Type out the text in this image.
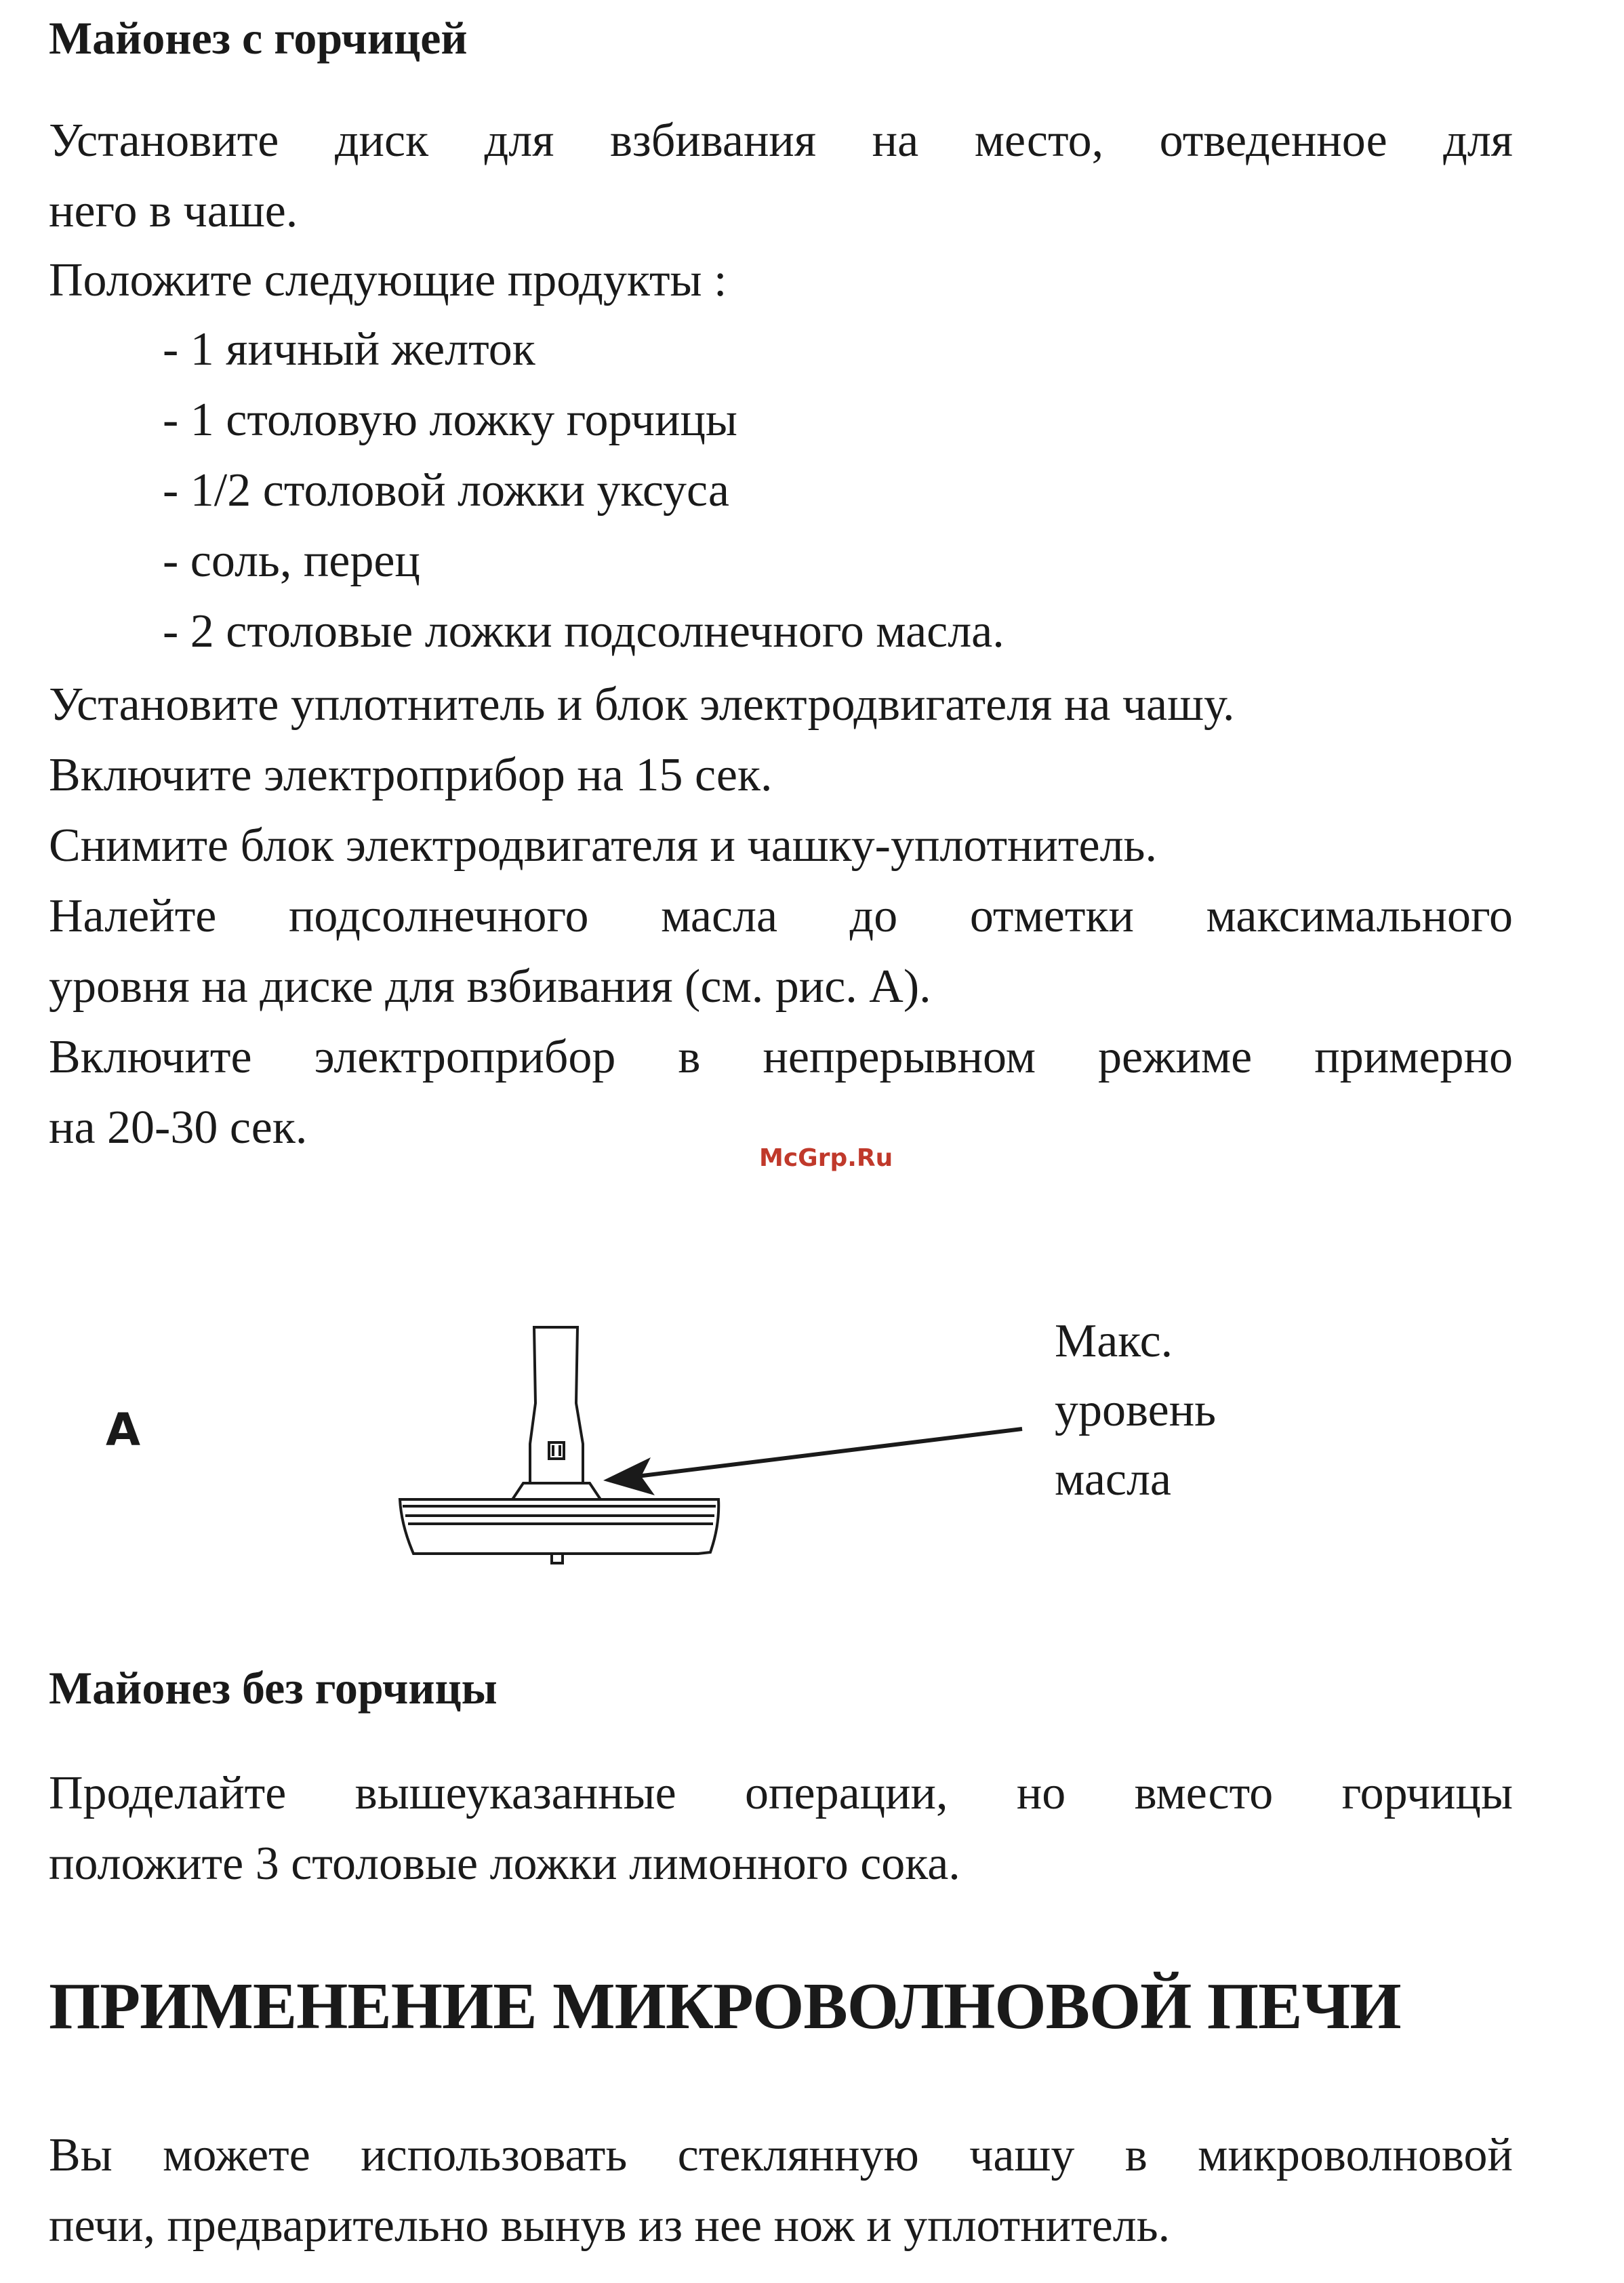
Майонез с горчицей

Установите диск для взбивания на место, отведенное для

него в чаше.

Положите следующие продукты :

- 1 яичный желток
- 1 столовую ложку горчицы
- 1/2 столовой ложки уксуса
- соль, перец
- 2 столовые ложки подсолнечного масла.

Установите уплотнитель и блок электродвигателя на чашу.

Включите электроприбор на 15 сек.

Снимите блок электродвигателя и чашку-уплотнитель.

Налейте подсолнечного масла до отметки максимального

уровня на диске для взбивания (см. рис. А).

Включите электроприбор в непрерывном режиме примерно

на 20-30 сек.

McGrp.Ru
A
Макс.
уровень
масла
Майонез без горчицы

Проделайте вышеуказанные операции, но вместо горчицы

положите 3 столовые ложки лимонного сока.

ПРИМЕНЕНИЕ МИКРОВОЛНОВОЙ ПЕЧИ

Вы можете использовать стеклянную чашу в микроволновой

печи, предварительно вынув из нее нож и уплотнитель.
